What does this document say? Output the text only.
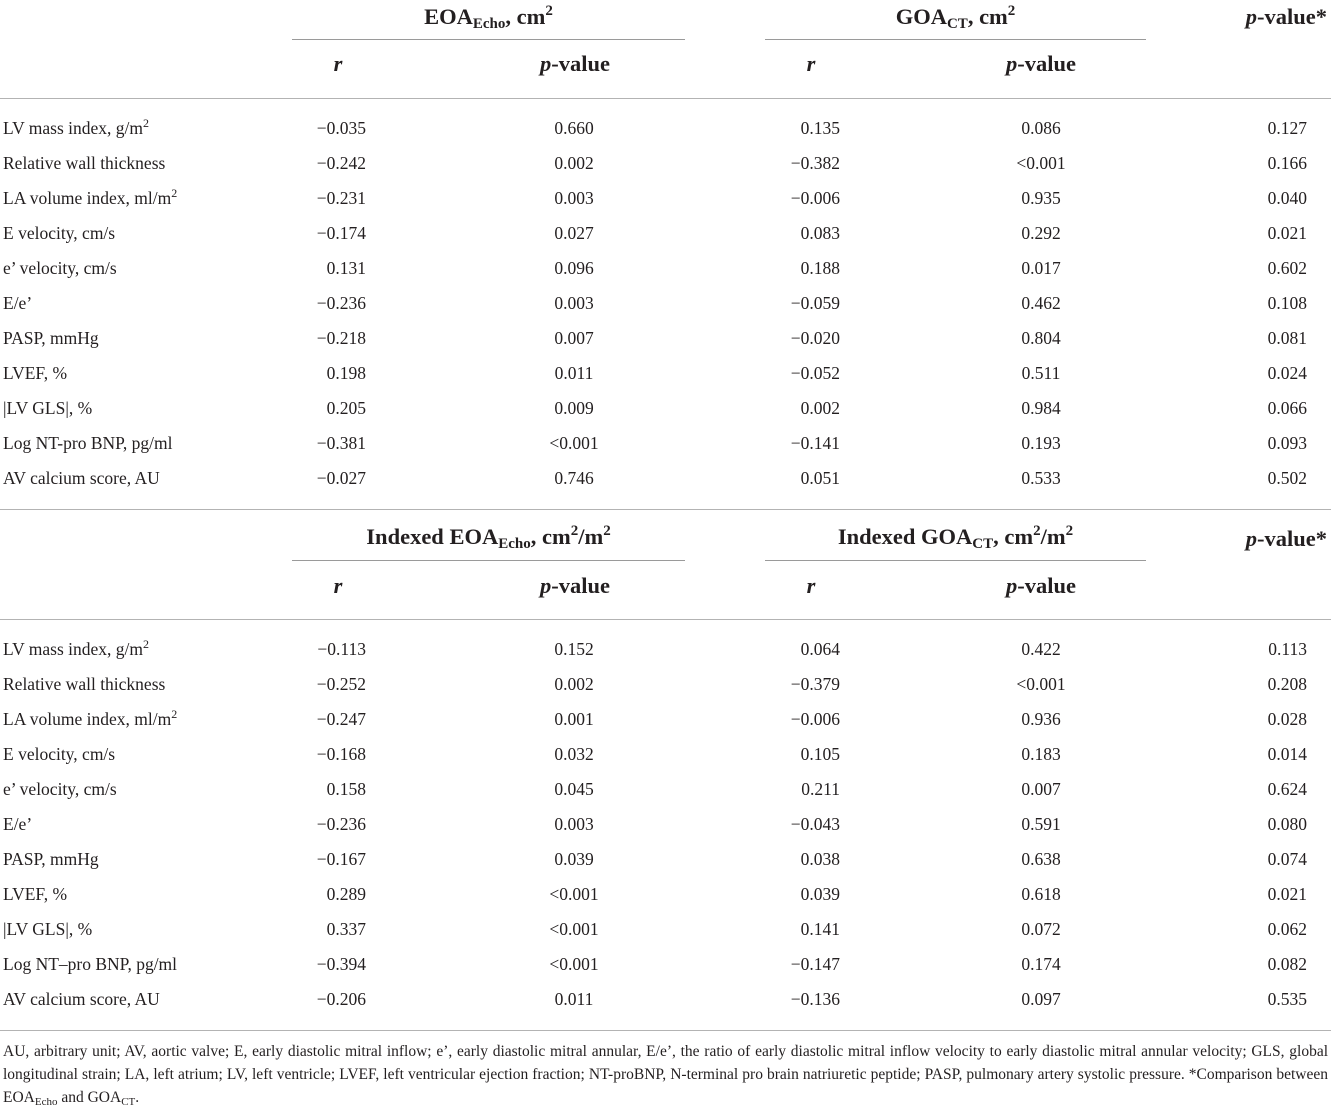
$EOA_{Echo}$, $cm^2$	$GOA_{CT}$, $cm^2$	p-value*
r	p-value	r	p-value
LV mass index, $g/m^2$	−0.035	0.660	0.135	0.086	0.127
Relative wall thickness	−0.242	0.002	−0.382	<0.001	0.166
LA volume index, $ml/m^2$	−0.231	0.003	−0.006	0.935	0.040
E velocity, cm/s	−0.174	0.027	0.083	0.292	0.021
e’ velocity, cm/s	0.131	0.096	0.188	0.017	0.602
E/e’	−0.236	0.003	−0.059	0.462	0.108
PASP, mmHg	−0.218	0.007	−0.020	0.804	0.081
LVEF, %	0.198	0.011	−0.052	0.511	0.024
|LV GLS|, %	0.205	0.009	0.002	0.984	0.066
Log NT-pro BNP, pg/ml	−0.381	<0.001	−0.141	0.193	0.093
AV calcium score, AU	−0.027	0.746	0.051	0.533	0.502
Indexed $EOA_{Echo}$, $cm^2/m^2$	Indexed $GOA_{CT}$, $cm^2/m^2$	p-value*
r	p-value	r	p-value
LV mass index, $g/m^2$	−0.113	0.152	0.064	0.422	0.113
Relative wall thickness	−0.252	0.002	−0.379	<0.001	0.208
LA volume index, $ml/m^2$	−0.247	0.001	−0.006	0.936	0.028
E velocity, cm/s	−0.168	0.032	0.105	0.183	0.014
e’ velocity, cm/s	0.158	0.045	0.211	0.007	0.624
E/e’	−0.236	0.003	−0.043	0.591	0.080
PASP, mmHg	−0.167	0.039	0.038	0.638	0.074
LVEF, %	0.289	<0.001	0.039	0.618	0.021
|LV GLS|, %	0.337	<0.001	0.141	0.072	0.062
Log NT–pro BNP, pg/ml	−0.394	<0.001	−0.147	0.174	0.082
AV calcium score, AU	−0.206	0.011	−0.136	0.097	0.535
AU, arbitrary unit; AV, aortic valve; E, early diastolic mitral inflow; e’, early diastolic mitral annular, E/e’, the ratio of early diastolic mitral inflow velocity to early diastolic mitral annular velocity; GLS, global longitudinal strain; LA, left atrium; LV, left ventricle; LVEF, left ventricular ejection fraction; NT-proBNP, N-terminal pro brain natriuretic peptide; PASP, pulmonary artery systolic pressure. *Comparison between $EOA_{Echo}$ and $GOA_{CT}$.
